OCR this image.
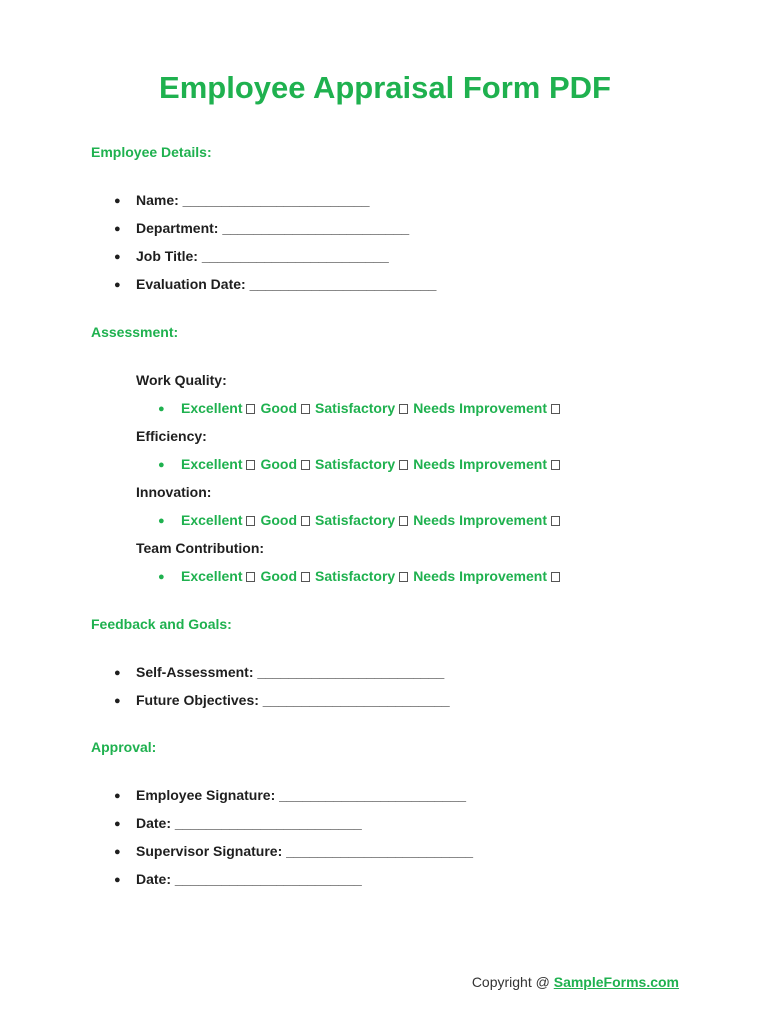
Employee Appraisal Form PDF
Employee Details:
● Name: ________________________
● Department: ________________________
● Job Title: ________________________
● Evaluation Date: ________________________
Assessment:
Work Quality:
● Excellent Good Satisfactory Needs Improvement
Efficiency:
● Excellent Good Satisfactory Needs Improvement
Innovation:
● Excellent Good Satisfactory Needs Improvement
Team Contribution:
● Excellent Good Satisfactory Needs Improvement
Feedback and Goals:
● Self-Assessment: ________________________
● Future Objectives: ________________________
Approval:
● Employee Signature: ________________________
● Date: ________________________
● Supervisor Signature: ________________________
● Date: ________________________
Copyright @ SampleForms.com
